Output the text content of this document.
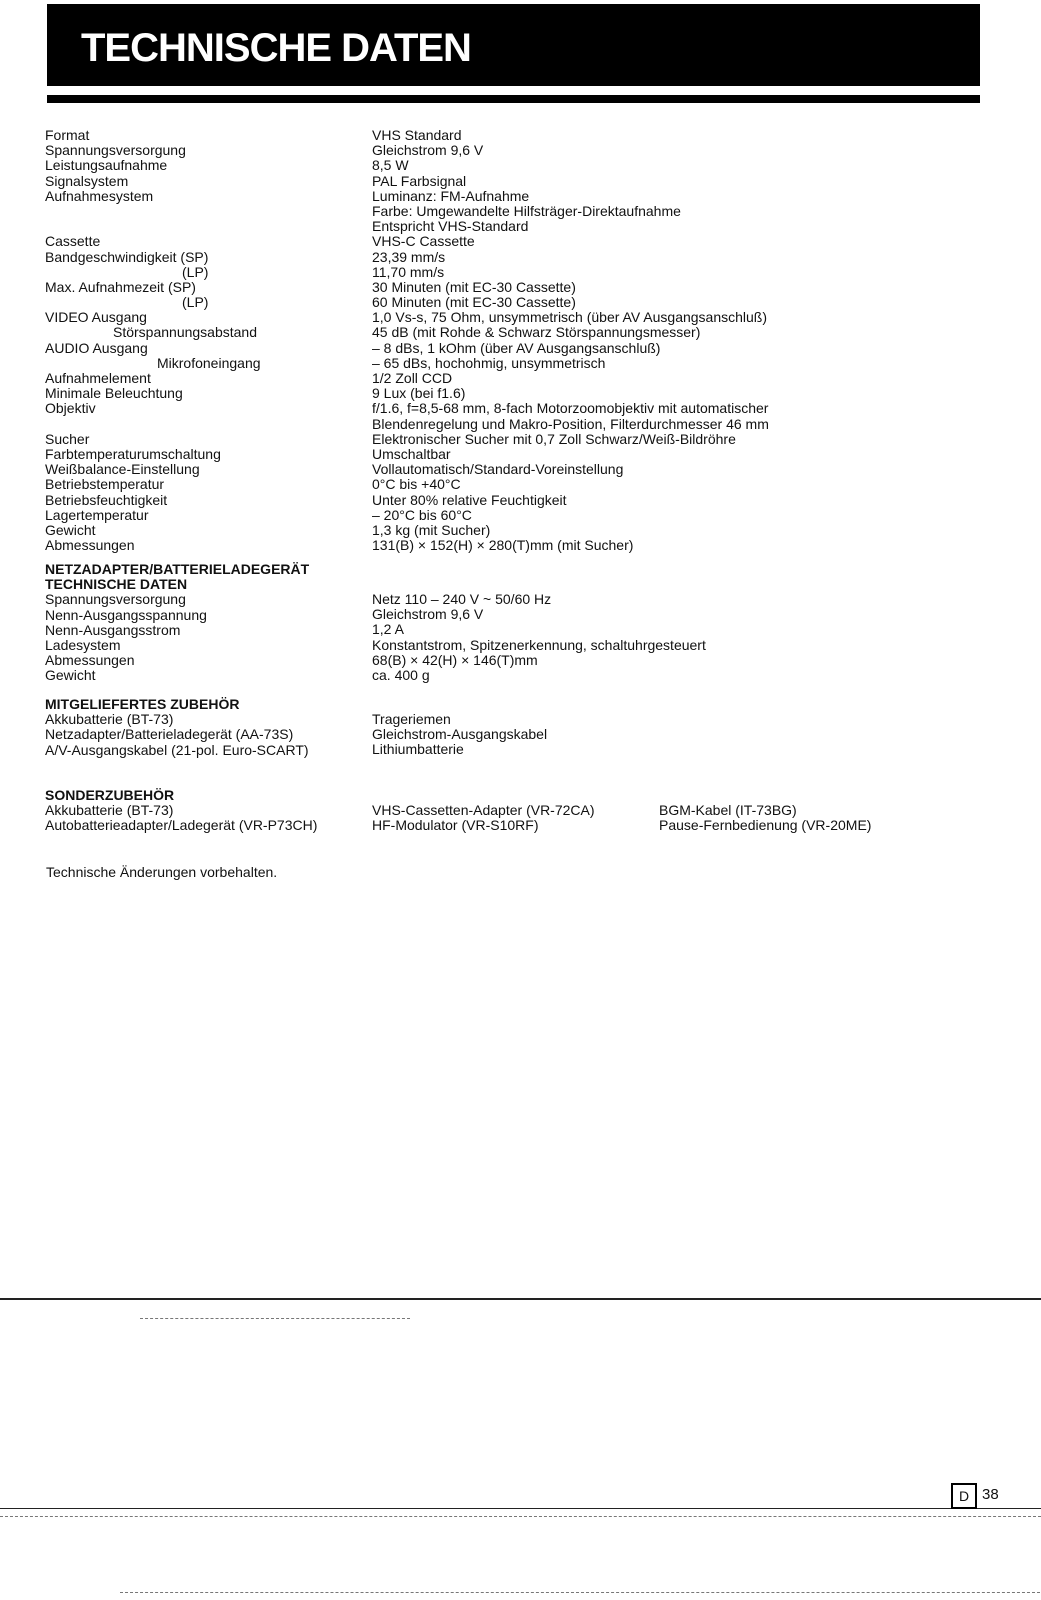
TECHNISCHE DATEN
Format
Spannungsversorgung
Leistungsaufnahme
Signalsystem
Aufnahmesystem
Cassette
Bandgeschwindigkeit (SP)
(LP)
Max. Aufnahmezeit (SP)
(LP)
VIDEO Ausgang
Störspannungsabstand
AUDIO Ausgang
Mikrofoneingang
Aufnahmelement
Minimale Beleuchtung
Objektiv
Sucher
Farbtemperaturumschaltung
Weißbalance-Einstellung
Betriebstemperatur
Betriebsfeuchtigkeit
Lagertemperatur
Gewicht
Abmessungen
VHS Standard
Gleichstrom 9,6 V
8,5 W
PAL Farbsignal
Luminanz: FM-Aufnahme
Farbe: Umgewandelte Hilfsträger-Direktaufnahme
Entspricht VHS-Standard
VHS-C Cassette
23,39 mm/s
11,70 mm/s
30 Minuten (mit EC-30 Cassette)
60 Minuten (mit EC-30 Cassette)
1,0 Vs-s, 75 Ohm, unsymmetrisch (über AV Ausgangsanschluß)
45 dB (mit Rohde & Schwarz Störspannungsmesser)
– 8 dBs, 1 kOhm (über AV Ausgangsanschluß)
– 65 dBs, hochohmig, unsymmetrisch
1/2 Zoll CCD
9 Lux (bei f1.6)
f/1.6, f=8,5-68 mm, 8-fach Motorzoomobjektiv mit automatischer
Blendenregelung und Makro-Position, Filterdurchmesser 46 mm
Elektronischer Sucher mit 0,7 Zoll Schwarz/Weiß-Bildröhre
Umschaltbar
Vollautomatisch/Standard-Voreinstellung
0°C bis +40°C
Unter 80% relative Feuchtigkeit
– 20°C bis 60°C
1,3 kg (mit Sucher)
131(B) × 152(H) × 280(T)mm (mit Sucher)
NETZADAPTER/BATTERIELADEGERÄT
TECHNISCHE DATEN
Spannungsversorgung
Nenn-Ausgangsspannung
Nenn-Ausgangsstrom
Ladesystem
Abmessungen
Gewicht
Netz 110 – 240 V ~ 50/60 Hz
Gleichstrom 9,6 V
1,2 A
Konstantstrom, Spitzenerkennung, schaltuhrgesteuert
68(B) × 42(H) × 146(T)mm
ca. 400 g
MITGELIEFERTES ZUBEHÖR
Akkubatterie (BT-73)
Netzadapter/Batterieladegerät (AA-73S)
A/V-Ausgangskabel (21-pol. Euro-SCART)
Trageriemen
Gleichstrom-Ausgangskabel
Lithiumbatterie
SONDERZUBEHÖR
Akkubatterie (BT-73)
Autobatterieadapter/Ladegerät (VR-P73CH)
VHS-Cassetten-Adapter (VR-72CA)
HF-Modulator (VR-S10RF)
BGM-Kabel (IT-73BG)
Pause-Fernbedienung (VR-20ME)
Technische Änderungen vorbehalten.
D 38
